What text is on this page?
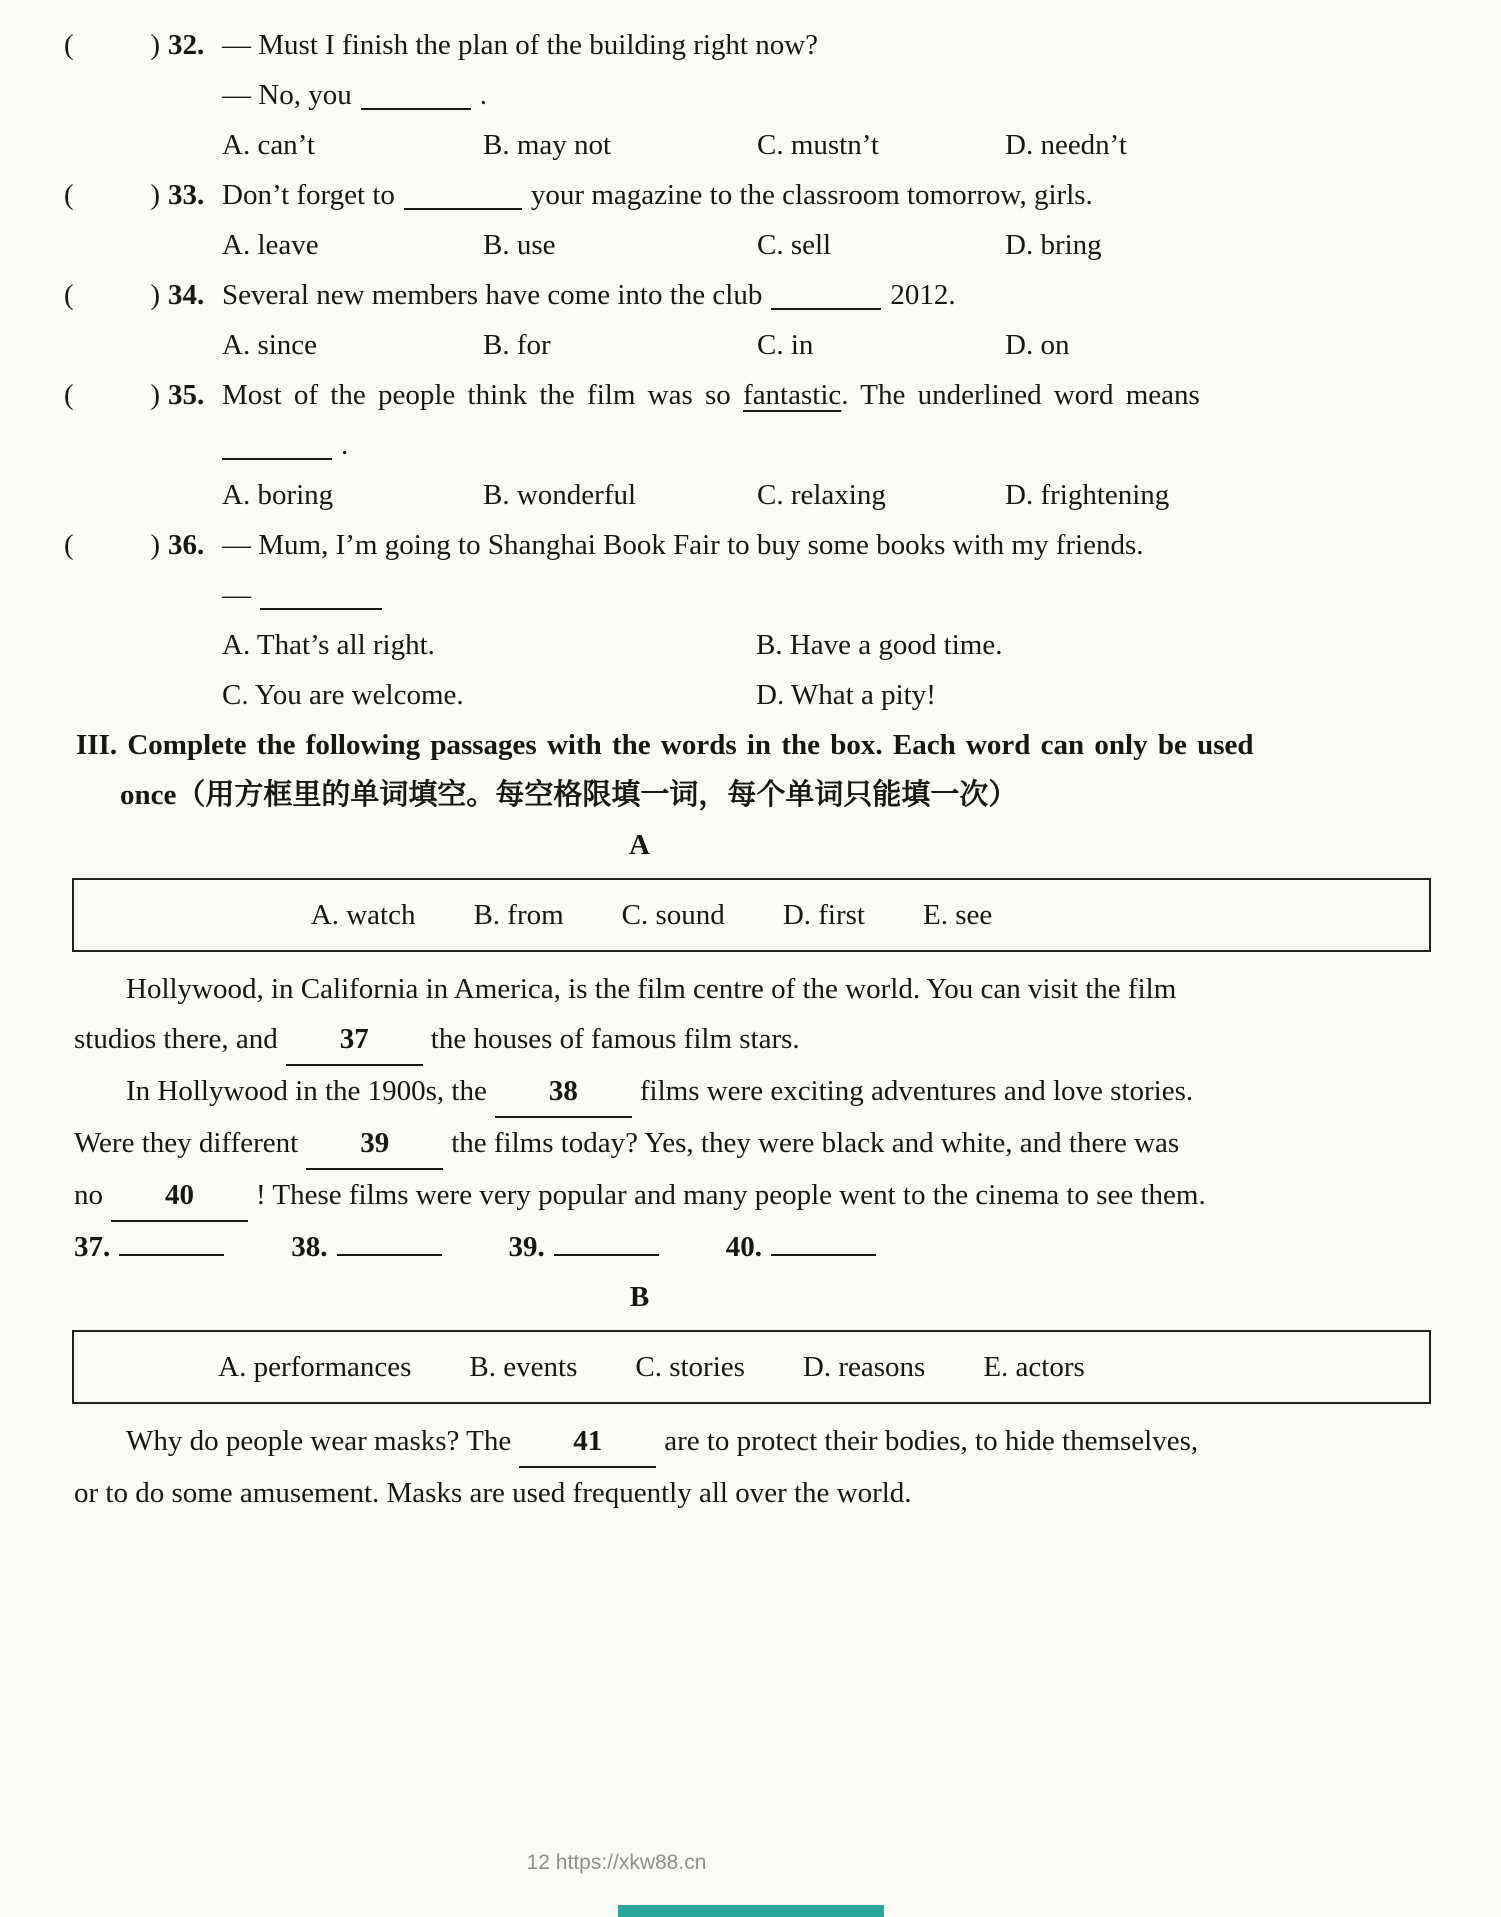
(	) 32. — Must I finish the plan of the building right now?
— No, you	.
A. can’t	B. may not	C. mustn’t	D. needn’t
(	) 33. Don’t forget to	your magazine to the classroom tomorrow, girls.
A. leave	B. use	C. sell	D. bring
(	) 34. Several new members have come into the club	2012.
A. since	B. for	C. in	D. on
(	) 35. Most of the people think the film was so fantastic. The underlined word means
.
A. boring	B. wonderful	C. relaxing	D. frightening
(	) 36. — Mum, I’m going to Shanghai Book Fair to buy some books with my friends.
—
A. That’s all right.	B. Have a good time.
C. You are welcome.	D. What a pity!
III. Complete the following passages with the words in the box. Each word can only be used
once（用方框里的单词填空。每空格限填一词，每个单词只能填一次）
A
A. watch B. from C. sound D. first E. see
Hollywood, in California in America, is the film centre of the world. You can visit the film
studios there, and 37 the houses of famous film stars.
In Hollywood in the 1900s, the 38 films were exciting adventures and love stories.
Were they different 39 the films today? Yes, they were black and white, and there was
no 40 ! These films were very popular and many people went to the cinema to see them.
37.	38.	39.	40.
B
A. performances B. events C. stories D. reasons E. actors
Why do people wear masks? The 41 are to protect their bodies, to hide themselves,
or to do some amusement. Masks are used frequently all over the world.
12 https://xkw88.cn
